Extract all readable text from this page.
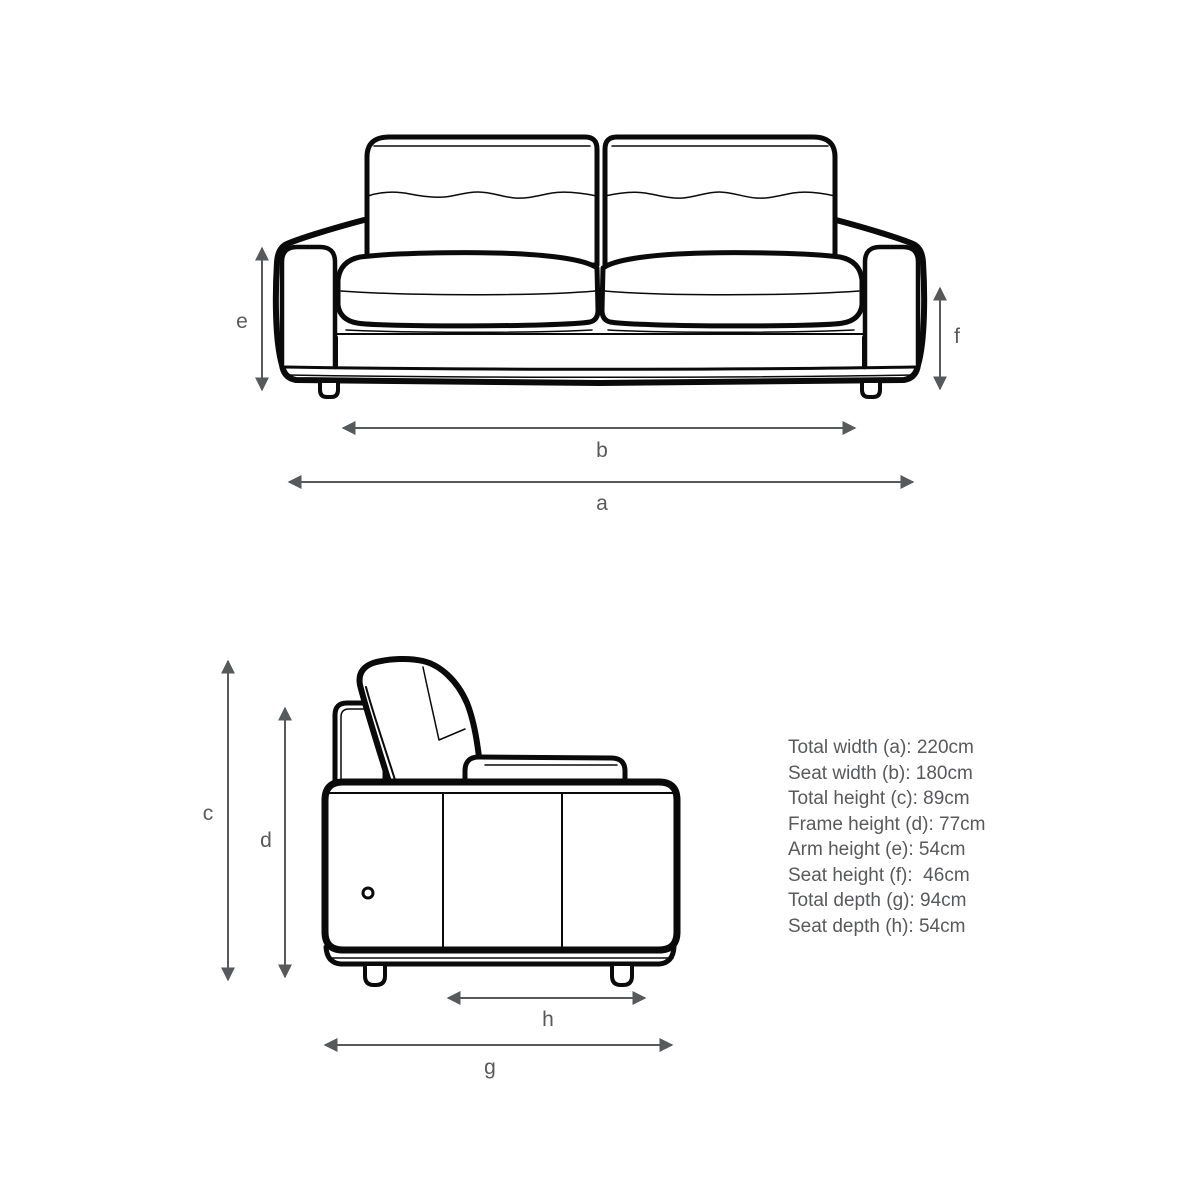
e
f
b
a
c
d
h
g
Total width (a): 220cm
Seat width (b): 180cm
Total height (c): 89cm
Frame height (d): 77cm
Arm height (e): 54cm
Seat height (f):  46cm
Total depth (g): 94cm
Seat depth (h): 54cm
